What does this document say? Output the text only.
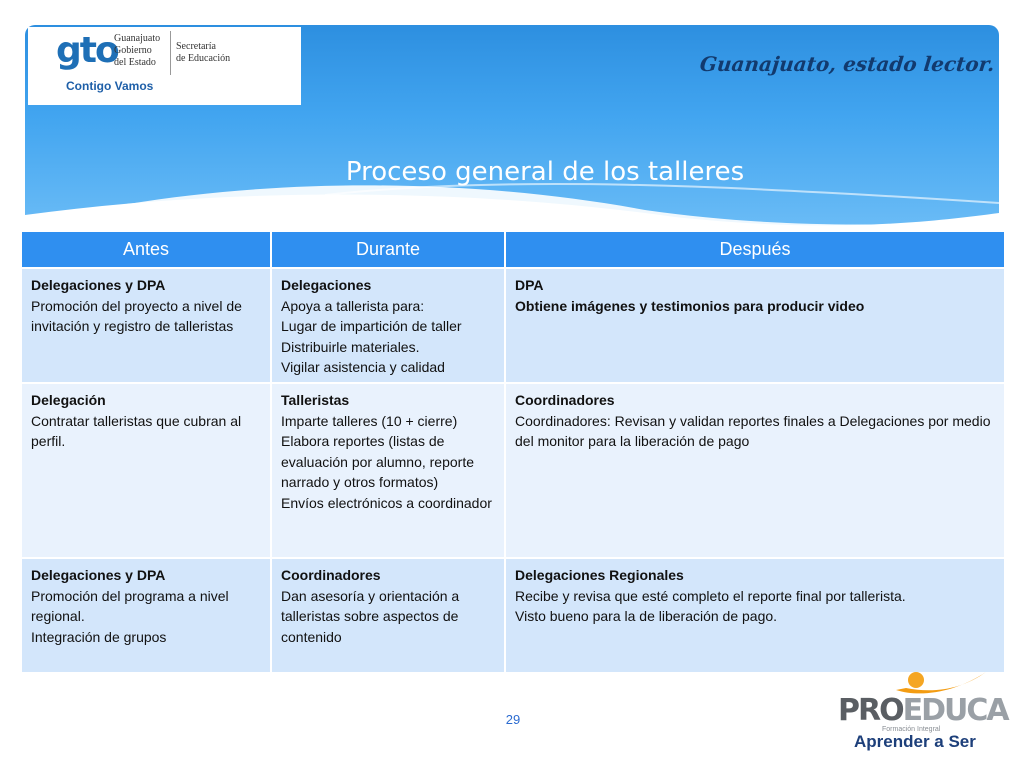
gto
Guanajuato
Gobierno
del Estado
Secretaría
de Educación
Contigo Vamos
Guanajuato, estado lector.
Proceso general de los talleres
Antes	Durante	Después

Delegaciones y DPA
Promoción del proyecto a nivel de invitación y registro de talleristas	Delegaciones
Apoya a tallerista para:
Lugar de impartición de taller
Distribuirle materiales.
Vigilar asistencia y calidad	DPA
Obtiene imágenes y testimonios para producir video

Delegación
Contratar talleristas que cubran al perfil.	Talleristas
Imparte talleres (10 + cierre)
Elabora reportes (listas de evaluación por alumno, reporte narrado y otros formatos)
Envíos electrónicos a coordinador	Coordinadores
Coordinadores: Revisan y validan reportes finales a Delegaciones por medio del monitor para la liberación de pago

Delegaciones y DPA
Promoción del programa a nivel regional.
Integración de grupos	Coordinadores
Dan asesoría y orientación a talleristas sobre aspectos de contenido	Delegaciones Regionales
Recibe y revisa que esté completo el reporte final por tallerista.
Visto bueno para la de liberación de pago.
29	PROEDUCA
Formación Integral
Aprender a Ser
